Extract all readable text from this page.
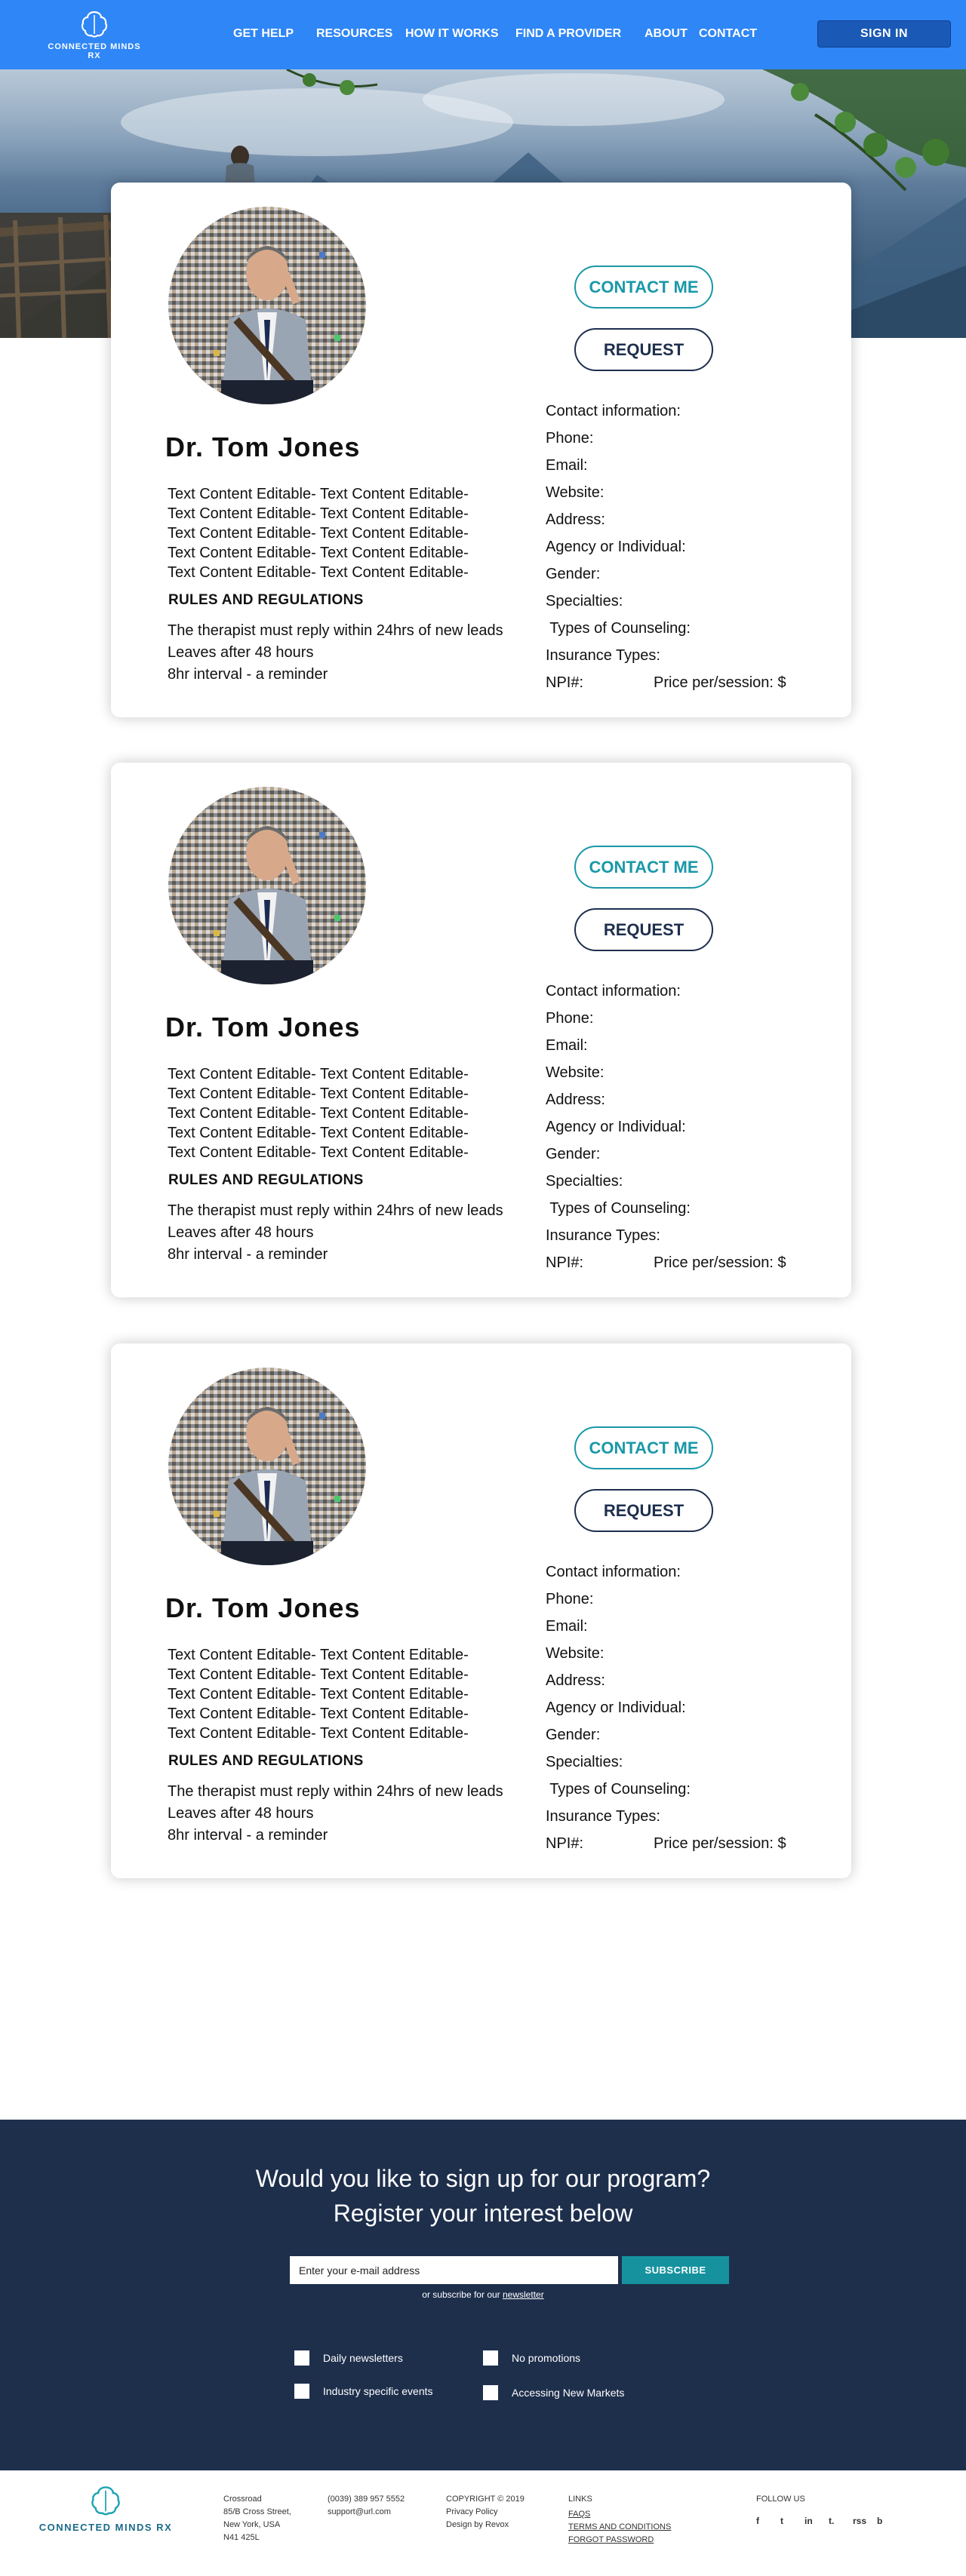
CONNECTED MINDS RX
GET HELP RESOURCES HOW IT WORKS FIND A PROVIDER ABOUT CONTACT	SIGN IN
Dr. Tom Jones
Text Content Editable- Text Content Editable-
Text Content Editable- Text Content Editable-
Text Content Editable- Text Content Editable-
Text Content Editable- Text Content Editable-
Text Content Editable- Text Content Editable-
RULES AND REGULATIONS
The therapist must reply within 24hrs of new leads
Leaves after 48 hours
8hr interval - a reminder
CONTACT ME
REQUEST
Contact information:
Phone:
Email:
Website:
Address:
Agency or Individual:
Gender:
Specialties:
Types of Counseling:
Insurance Types:
NPI#:	Price per/session: $
Dr. Tom Jones
Text Content Editable- Text Content Editable-
Text Content Editable- Text Content Editable-
Text Content Editable- Text Content Editable-
Text Content Editable- Text Content Editable-
Text Content Editable- Text Content Editable-
RULES AND REGULATIONS
The therapist must reply within 24hrs of new leads
Leaves after 48 hours
8hr interval - a reminder
CONTACT ME
REQUEST
Contact information:
Phone:
Email:
Website:
Address:
Agency or Individual:
Gender:
Specialties:
Types of Counseling:
Insurance Types:
NPI#:	Price per/session: $
Dr. Tom Jones
Text Content Editable- Text Content Editable-
Text Content Editable- Text Content Editable-
Text Content Editable- Text Content Editable-
Text Content Editable- Text Content Editable-
Text Content Editable- Text Content Editable-
RULES AND REGULATIONS
The therapist must reply within 24hrs of new leads
Leaves after 48 hours
8hr interval - a reminder
CONTACT ME
REQUEST
Contact information:
Phone:
Email:
Website:
Address:
Agency or Individual:
Gender:
Specialties:
Types of Counseling:
Insurance Types:
NPI#:	Price per/session: $
Would you like to sign up for our program?
Register your interest below
Enter your e-mail address
SUBSCRIBE
or subscribe for our newsletter
Daily newsletters	No promotions
Industry specific events	Accessing New Markets
CONNECTED MINDS RX
Crossroad
85/B Cross Street,
New York, USA
N41 425L
(0039) 389 957 5552
support@url.com
COPYRIGHT © 2019
Privacy Policy
Design by Revox
LINKS
FAQS
TERMS AND CONDITIONS
FORGOT PASSWORD
FOLLOW US
f	t	in	t.	rss	b
